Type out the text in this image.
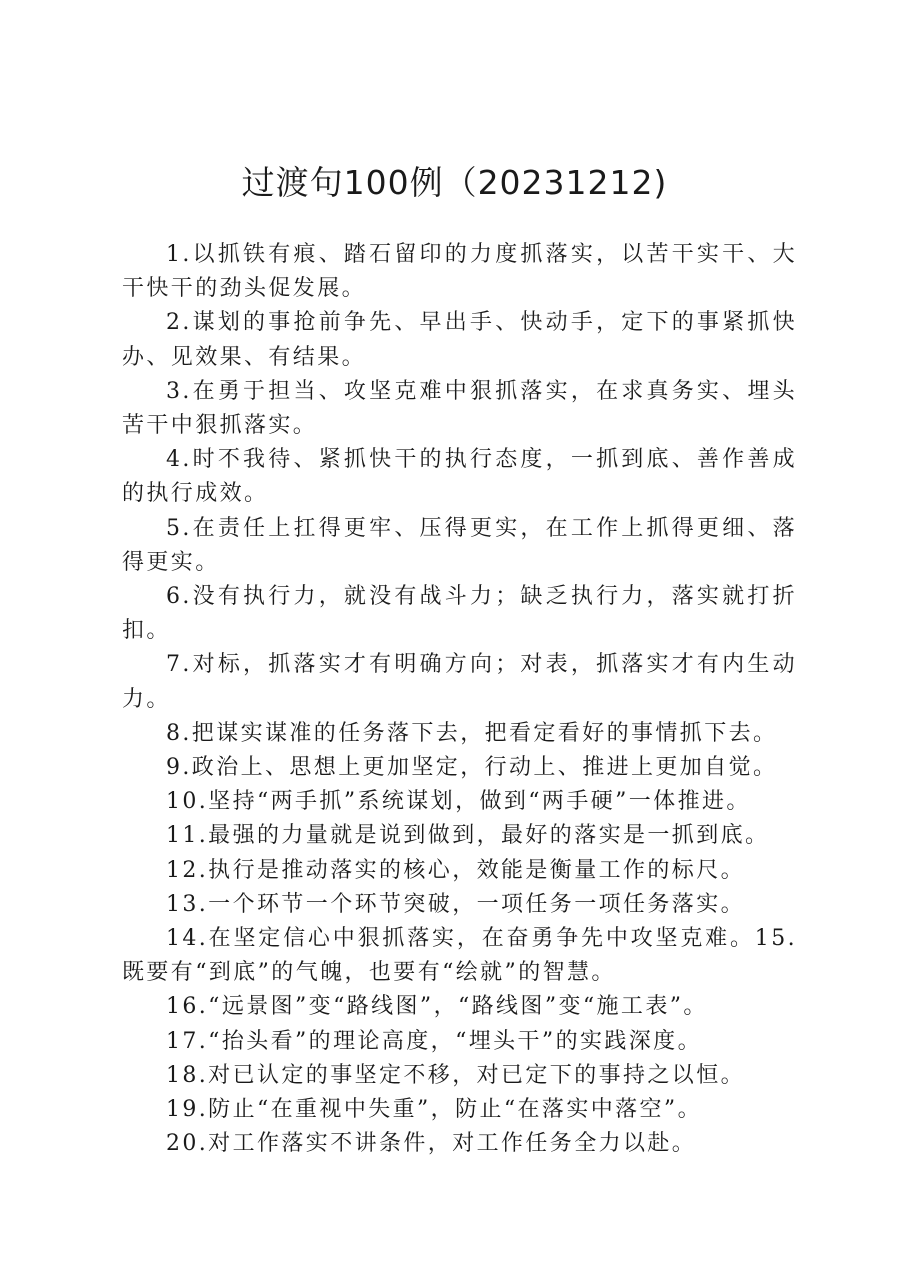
过渡句100例（20231212)

1.以抓铁有痕、踏石留印的力度抓落实，以苦干实干、大干快干的劲头促发展。

2.谋划的事抢前争先、早出手、快动手，定下的事紧抓快办、见效果、有结果。

3.在勇于担当、攻坚克难中狠抓落实，在求真务实、埋头苦干中狠抓落实。

4.时不我待、紧抓快干的执行态度，一抓到底、善作善成的执行成效。

5.在责任上扛得更牢、压得更实，在工作上抓得更细、落得更实。

6.没有执行力，就没有战斗力；缺乏执行力，落实就打折扣。

7.对标，抓落实才有明确方向；对表，抓落实才有内生动力。

8.把谋实谋准的任务落下去，把看定看好的事情抓下去。

9.政治上、思想上更加坚定，行动上、推进上更加自觉。

10.坚持“两手抓”系统谋划，做到“两手硬”一体推进。

11.最强的力量就是说到做到，最好的落实是一抓到底。

12.执行是推动落实的核心，效能是衡量工作的标尺。

13.一个环节一个环节突破，一项任务一项任务落实。

14.在坚定信心中狠抓落实，在奋勇争先中攻坚克难。15.既要有“到底”的气魄，也要有“绘就”的智慧。

16.“远景图”变“路线图”，“路线图”变“施工表”。

17.“抬头看”的理论高度，“埋头干”的实践深度。

18.对已认定的事坚定不移，对已定下的事持之以恒。

19.防止“在重视中失重”，防止“在落实中落空”。

20.对工作落实不讲条件，对工作任务全力以赴。
